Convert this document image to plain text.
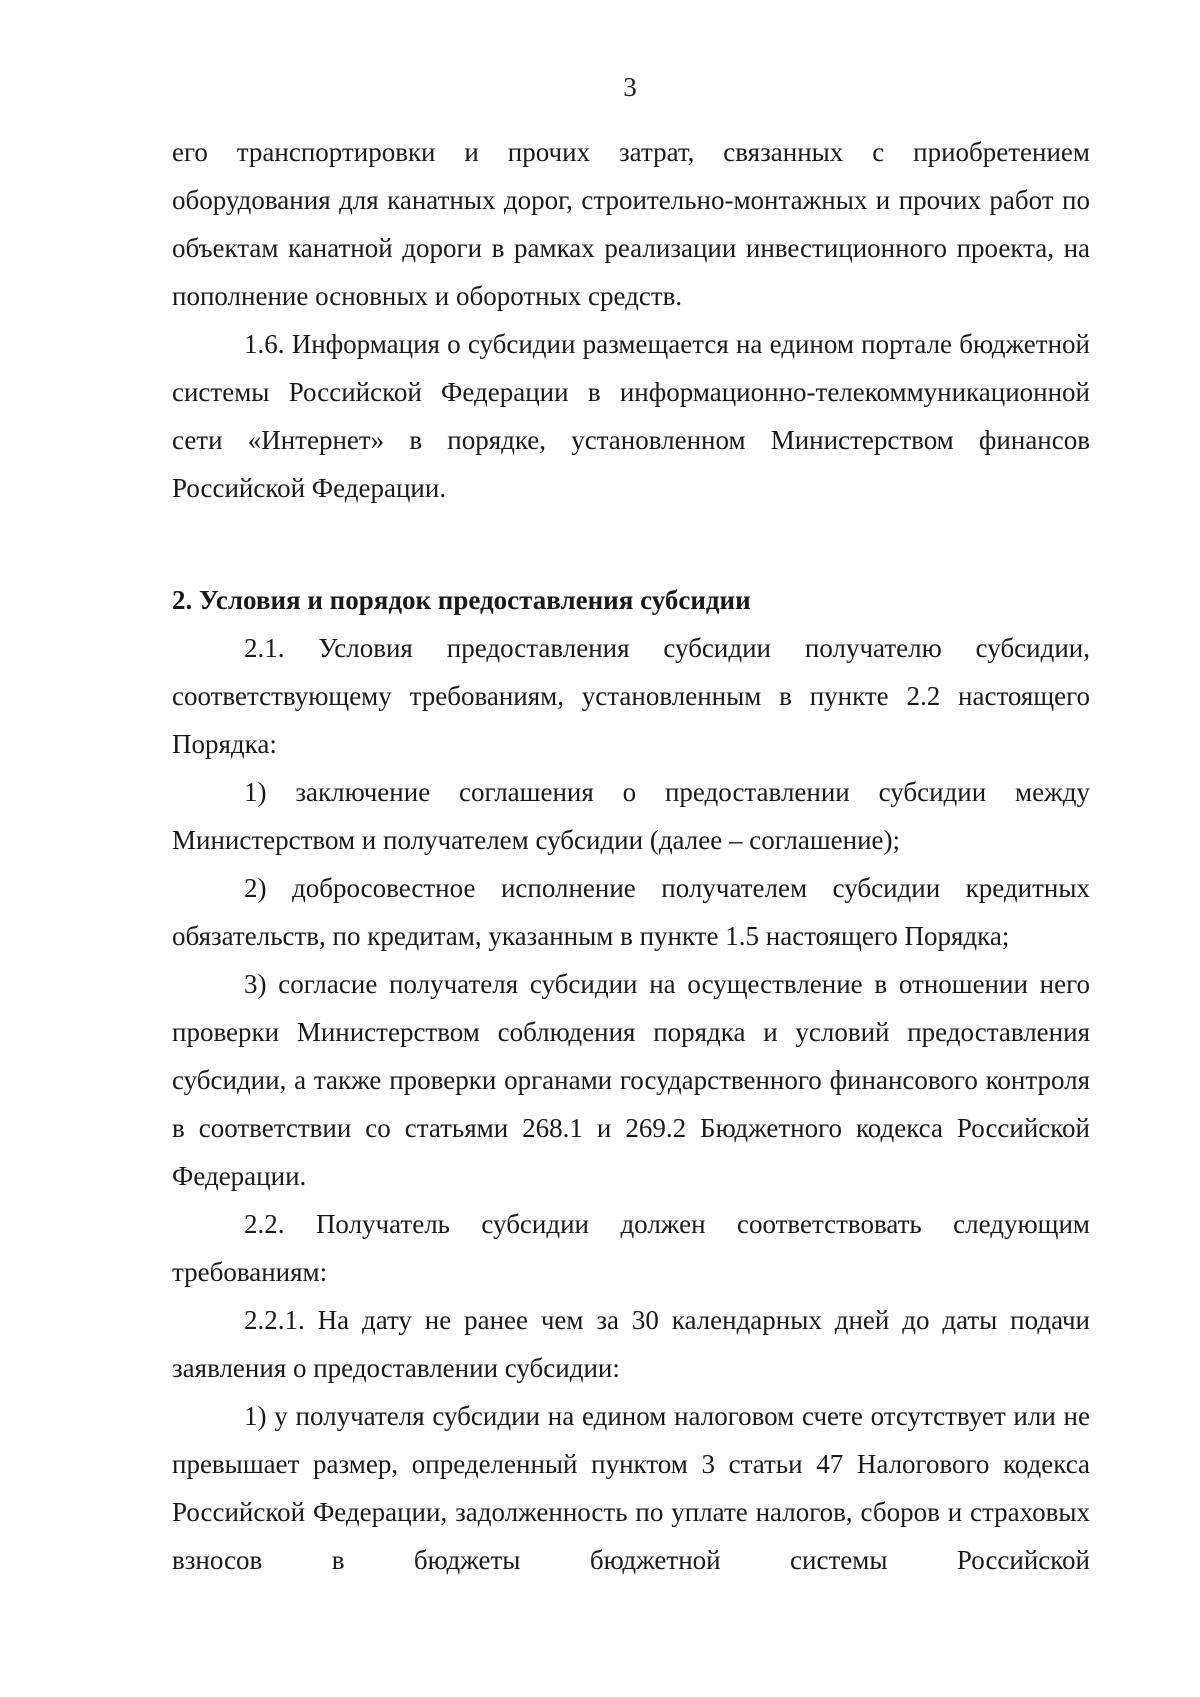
3

его транспортировки и прочих затрат, связанных с приобретением оборудования для канатных дорог, строительно-монтажных и прочих работ по объектам канатной дороги в рамках реализации инвестиционного проекта, на пополнение основных и оборотных средств.

1.6. Информация о субсидии размещается на едином портале бюджетной системы Российской Федерации в информационно-телекоммуникационной сети «Интернет» в порядке, установленном Министерством финансов Российской Федерации.

2. Условия и порядок предоставления субсидии

2.1. Условия предоставления субсидии получателю субсидии, соответствующему требованиям, установленным в пункте 2.2 настоящего Порядка:

1) заключение соглашения о предоставлении субсидии между Министерством и получателем субсидии (далее – соглашение);

2) добросовестное исполнение получателем субсидии кредитных обязательств, по кредитам, указанным в пункте 1.5 настоящего Порядка;

3) согласие получателя субсидии на осуществление в отношении него проверки Министерством соблюдения порядка и условий предоставления субсидии, а также проверки органами государственного финансового контроля в соответствии со статьями 268.1 и 269.2 Бюджетного кодекса Российской Федерации.

2.2. Получатель субсидии должен соответствовать следующим требованиям:

2.2.1. На дату не ранее чем за 30 календарных дней до даты подачи заявления о предоставлении субсидии:

1) у получателя субсидии на едином налоговом счете отсутствует или не превышает размер, определенный пунктом 3 статьи 47 Налогового кодекса Российской Федерации, задолженность по уплате налогов, сборов и страховых взносов в бюджеты бюджетной системы Российской
